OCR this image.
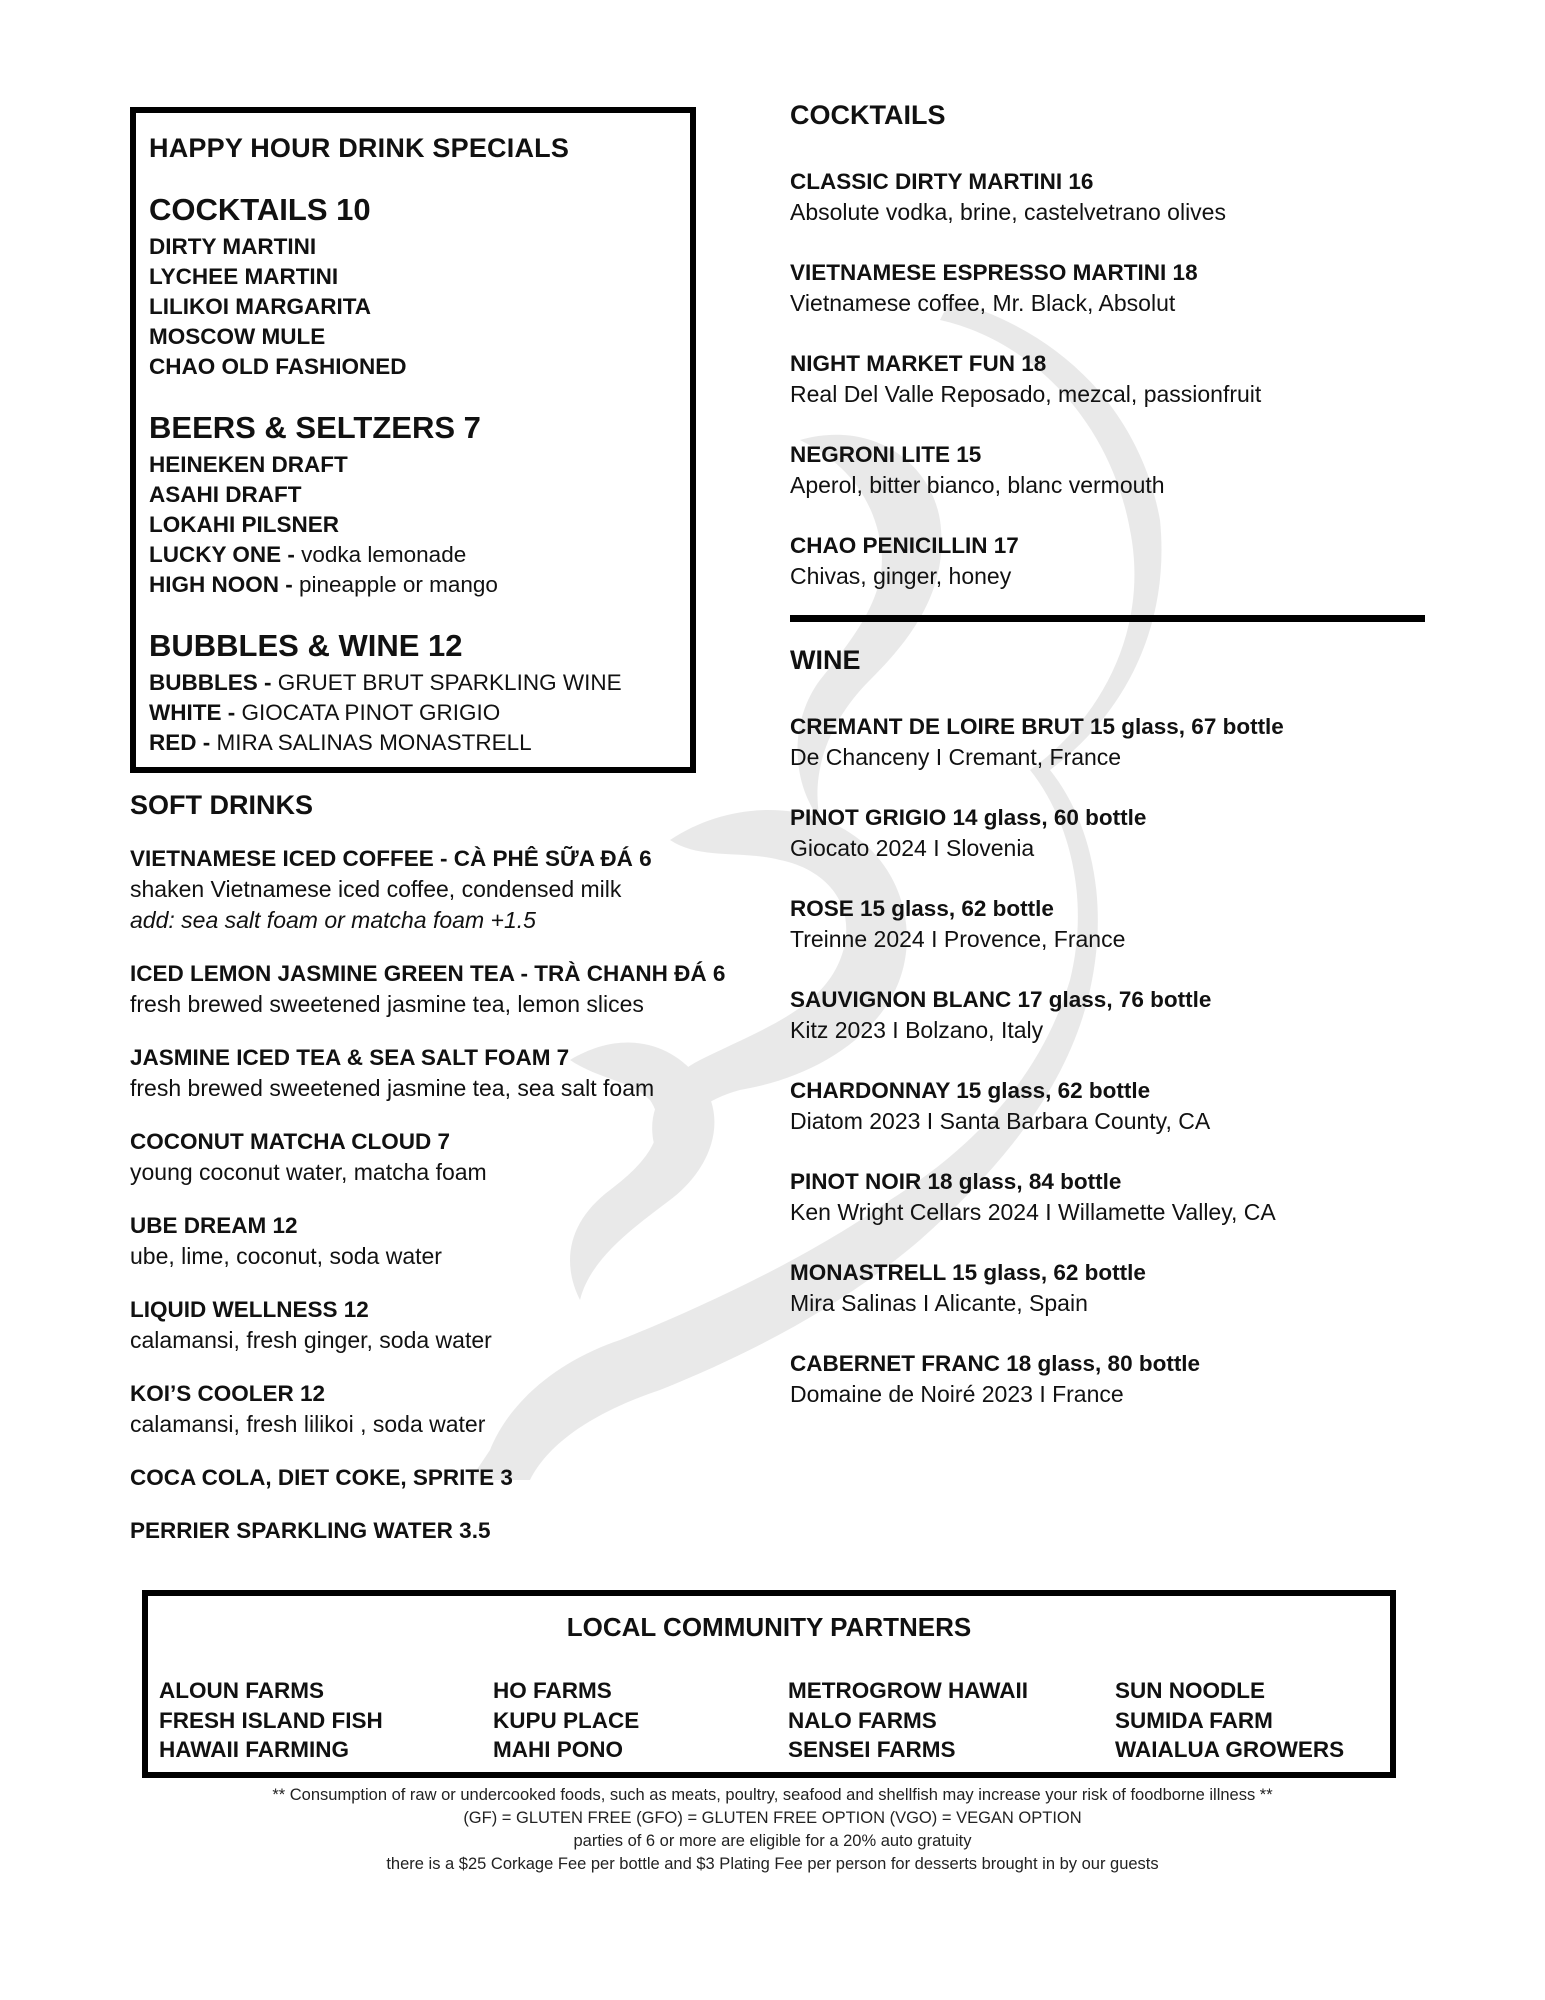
HAPPY HOUR DRINK SPECIALS
COCKTAILS 10
DIRTY MARTINI
LYCHEE MARTINI
LILIKOI MARGARITA
MOSCOW MULE
CHAO OLD FASHIONED
BEERS & SELTZERS 7
HEINEKEN DRAFT
ASAHI DRAFT
LOKAHI PILSNER
LUCKY ONE - vodka lemonade
HIGH NOON - pineapple or mango
BUBBLES & WINE 12
BUBBLES - GRUET BRUT SPARKLING WINE
WHITE - GIOCATA PINOT GRIGIO
RED - MIRA SALINAS MONASTRELL
SOFT DRINKS
VIETNAMESE ICED COFFEE - CÀ PHÊ SỮA ĐÁ 6
shaken Vietnamese iced coffee, condensed milk
add: sea salt foam or matcha foam +1.5
ICED LEMON JASMINE GREEN TEA - TRÀ CHANH ĐÁ 6
fresh brewed sweetened jasmine tea, lemon slices
JASMINE ICED TEA & SEA SALT FOAM 7
fresh brewed sweetened jasmine tea, sea salt foam
COCONUT MATCHA CLOUD 7
young coconut water, matcha foam
UBE DREAM 12
ube, lime, coconut, soda water
LIQUID WELLNESS 12
calamansi, fresh ginger, soda water
KOI’S COOLER 12
calamansi, fresh lilikoi , soda water
COCA COLA, DIET COKE, SPRITE 3
PERRIER SPARKLING WATER 3.5
COCKTAILS
CLASSIC DIRTY MARTINI 16
Absolute vodka, brine, castelvetrano olives
VIETNAMESE ESPRESSO MARTINI 18
Vietnamese coffee, Mr. Black, Absolut
NIGHT MARKET FUN 18
Real Del Valle Reposado, mezcal, passionfruit
NEGRONI LITE 15
Aperol, bitter bianco, blanc vermouth
CHAO PENICILLIN 17
Chivas, ginger, honey
WINE
CREMANT DE LOIRE BRUT 15 glass, 67 bottle
De Chanceny I Cremant, France
PINOT GRIGIO 14 glass, 60 bottle
Giocato 2024 I Slovenia
ROSE 15 glass, 62 bottle
Treinne 2024 I Provence, France
SAUVIGNON BLANC 17 glass, 76 bottle
Kitz 2023 I Bolzano, Italy
CHARDONNAY 15 glass, 62 bottle
Diatom 2023 I Santa Barbara County, CA
PINOT NOIR 18 glass, 84 bottle
Ken Wright Cellars 2024 I Willamette Valley, CA
MONASTRELL 15 glass, 62 bottle
Mira Salinas I Alicante, Spain
CABERNET FRANC 18 glass, 80 bottle
Domaine de Noiré 2023 I France
LOCAL COMMUNITY PARTNERS
ALOUN FARMS
FRESH ISLAND FISH
HAWAII FARMING
HO FARMS
KUPU PLACE
MAHI PONO
METROGROW HAWAII
NALO FARMS
SENSEI FARMS
SUN NOODLE
SUMIDA FARM
WAIALUA GROWERS
** Consumption of raw or undercooked foods, such as meats, poultry, seafood and shellfish may increase your risk of foodborne illness **
(GF) = GLUTEN FREE (GFO) = GLUTEN FREE OPTION (VGO) = VEGAN OPTION
parties of 6 or more are eligible for a 20% auto gratuity
there is a $25 Corkage Fee per bottle and $3 Plating Fee per person for desserts brought in by our guests
